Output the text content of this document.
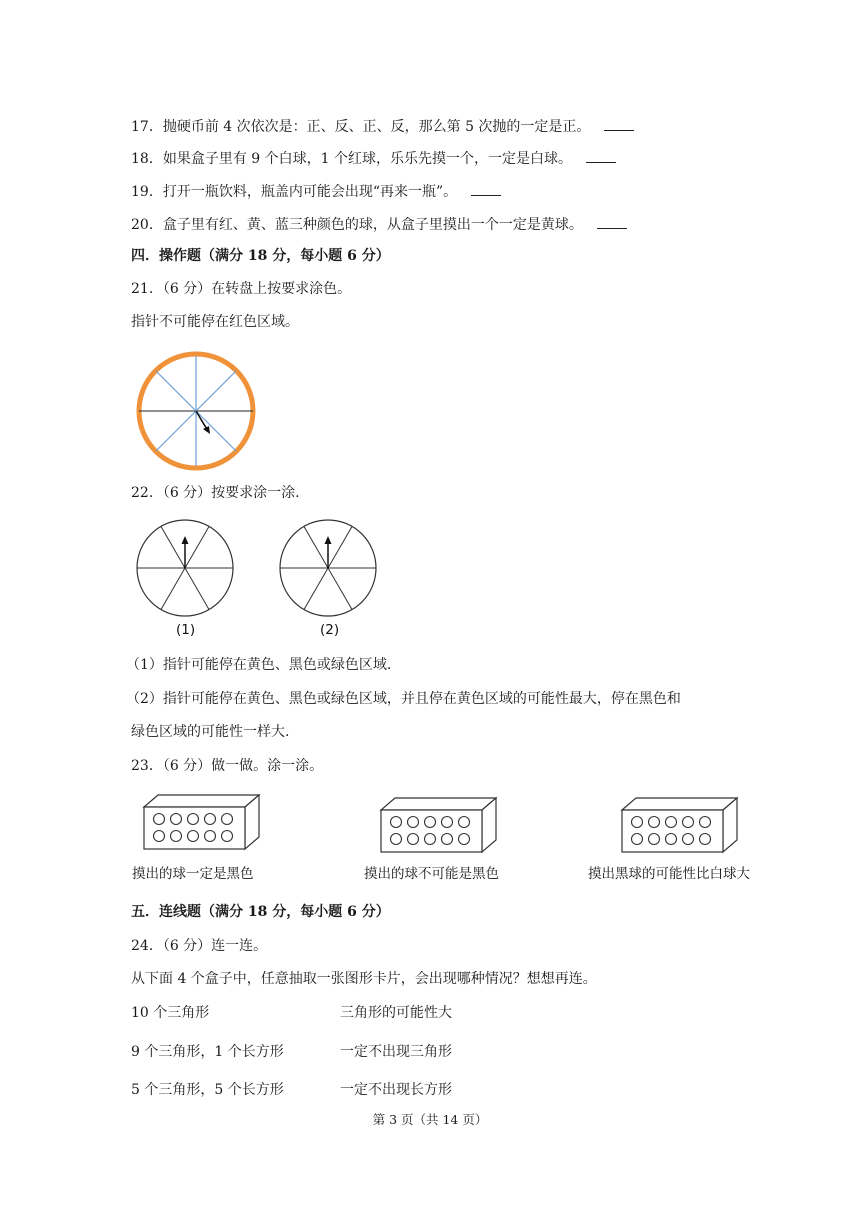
17．抛硬币前 4 次依次是：正、反、正、反，那么第 5 次抛的一定是正。
18．如果盒子里有 9 个白球，1 个红球，乐乐先摸一个，一定是白球。
19．打开一瓶饮料，瓶盖内可能会出现“再来一瓶”。
20．盒子里有红、黄、蓝三种颜色的球，从盒子里摸出一个一定是黄球。
四．操作题（满分 18 分，每小题 6 分）
21．（6 分）在转盘上按要求涂色。
指针不可能停在红色区域。
22．（6 分）按要求涂一涂.
(1)	(2)
（1）指针可能停在黄色、黑色或绿色区域.
（2）指针可能停在黄色、黑色或绿色区域，并且停在黄色区域的可能性最大，停在黑色和
绿色区域的可能性一样大.
23．（6 分）做一做。涂一涂。
摸出的球一定是黑色	摸出的球不可能是黑色	摸出黑球的可能性比白球大
五．连线题（满分 18 分，每小题 6 分）
24．（6 分）连一连。
从下面 4 个盒子中，任意抽取一张图形卡片，会出现哪种情况？想想再连。
10 个三角形	三角形的可能性大
9 个三角形，1 个长方形	一定不出现三角形
5 个三角形，5 个长方形	一定不出现长方形
第 3 页（共 14 页）
